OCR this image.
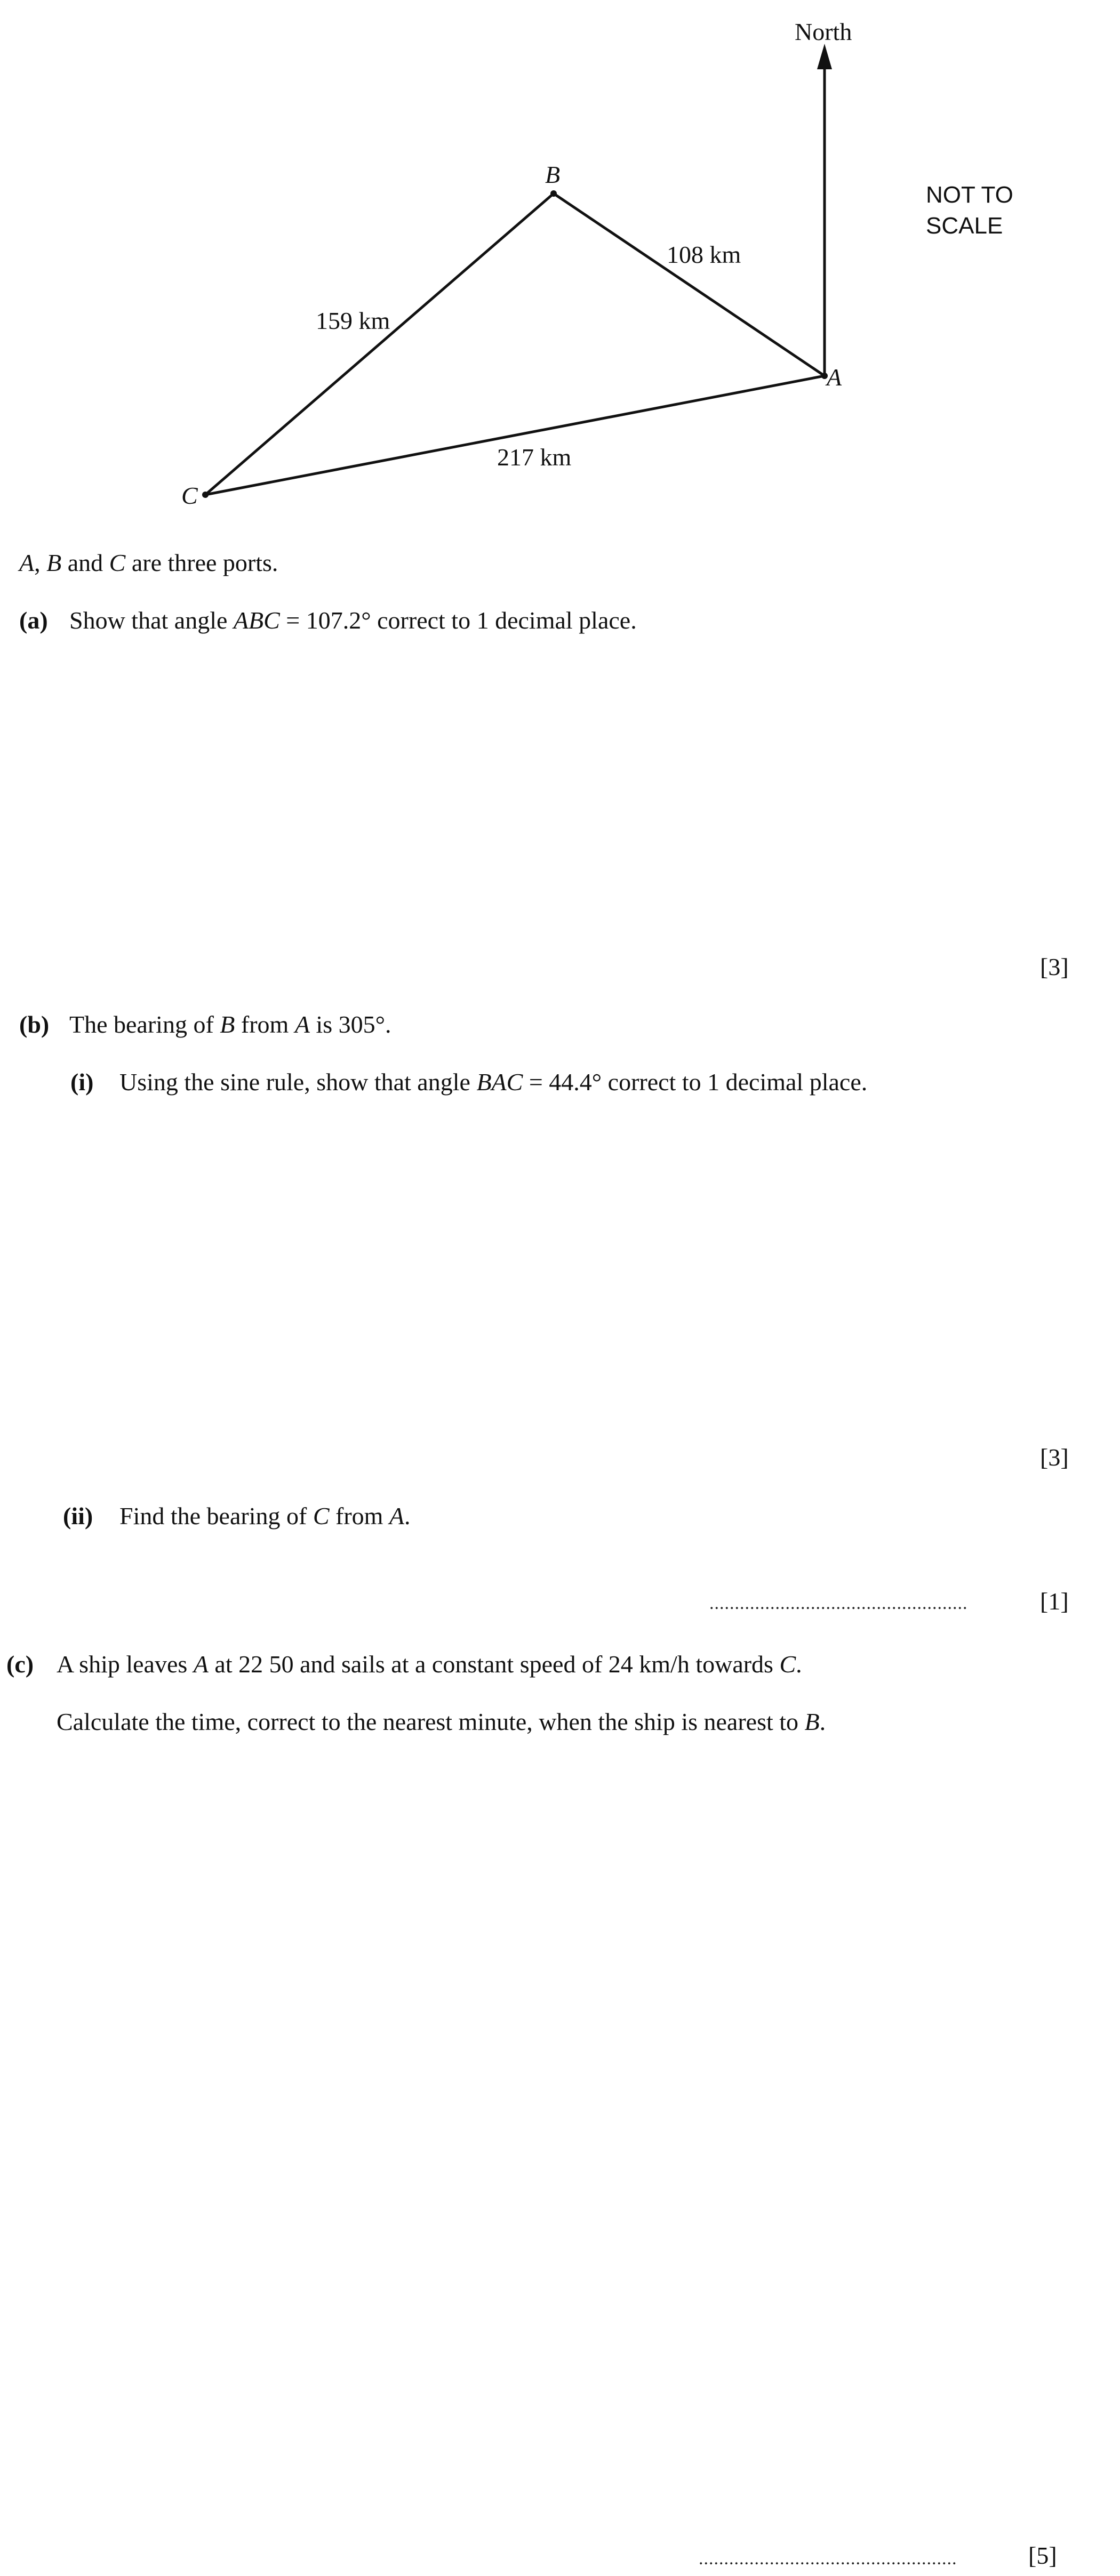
North
NOT TO
SCALE
B
A
C
108 km
159 km
217 km
A, B and C are three ports.
(a) Show that angle ABC = 107.2° correct to 1 decimal place.
[3]
(b) The bearing of B from A is 305°.
(i) Using the sine rule, show that angle BAC = 44.4° correct to 1 decimal place.
[3]
(ii) Find the bearing of C from A.
...................................................	[1]
(c) A ship leaves A at 22 50 and sails at a constant speed of 24 km/h towards C.
Calculate the time, correct to the nearest minute, when the ship is nearest to B.
...................................................	[5]
